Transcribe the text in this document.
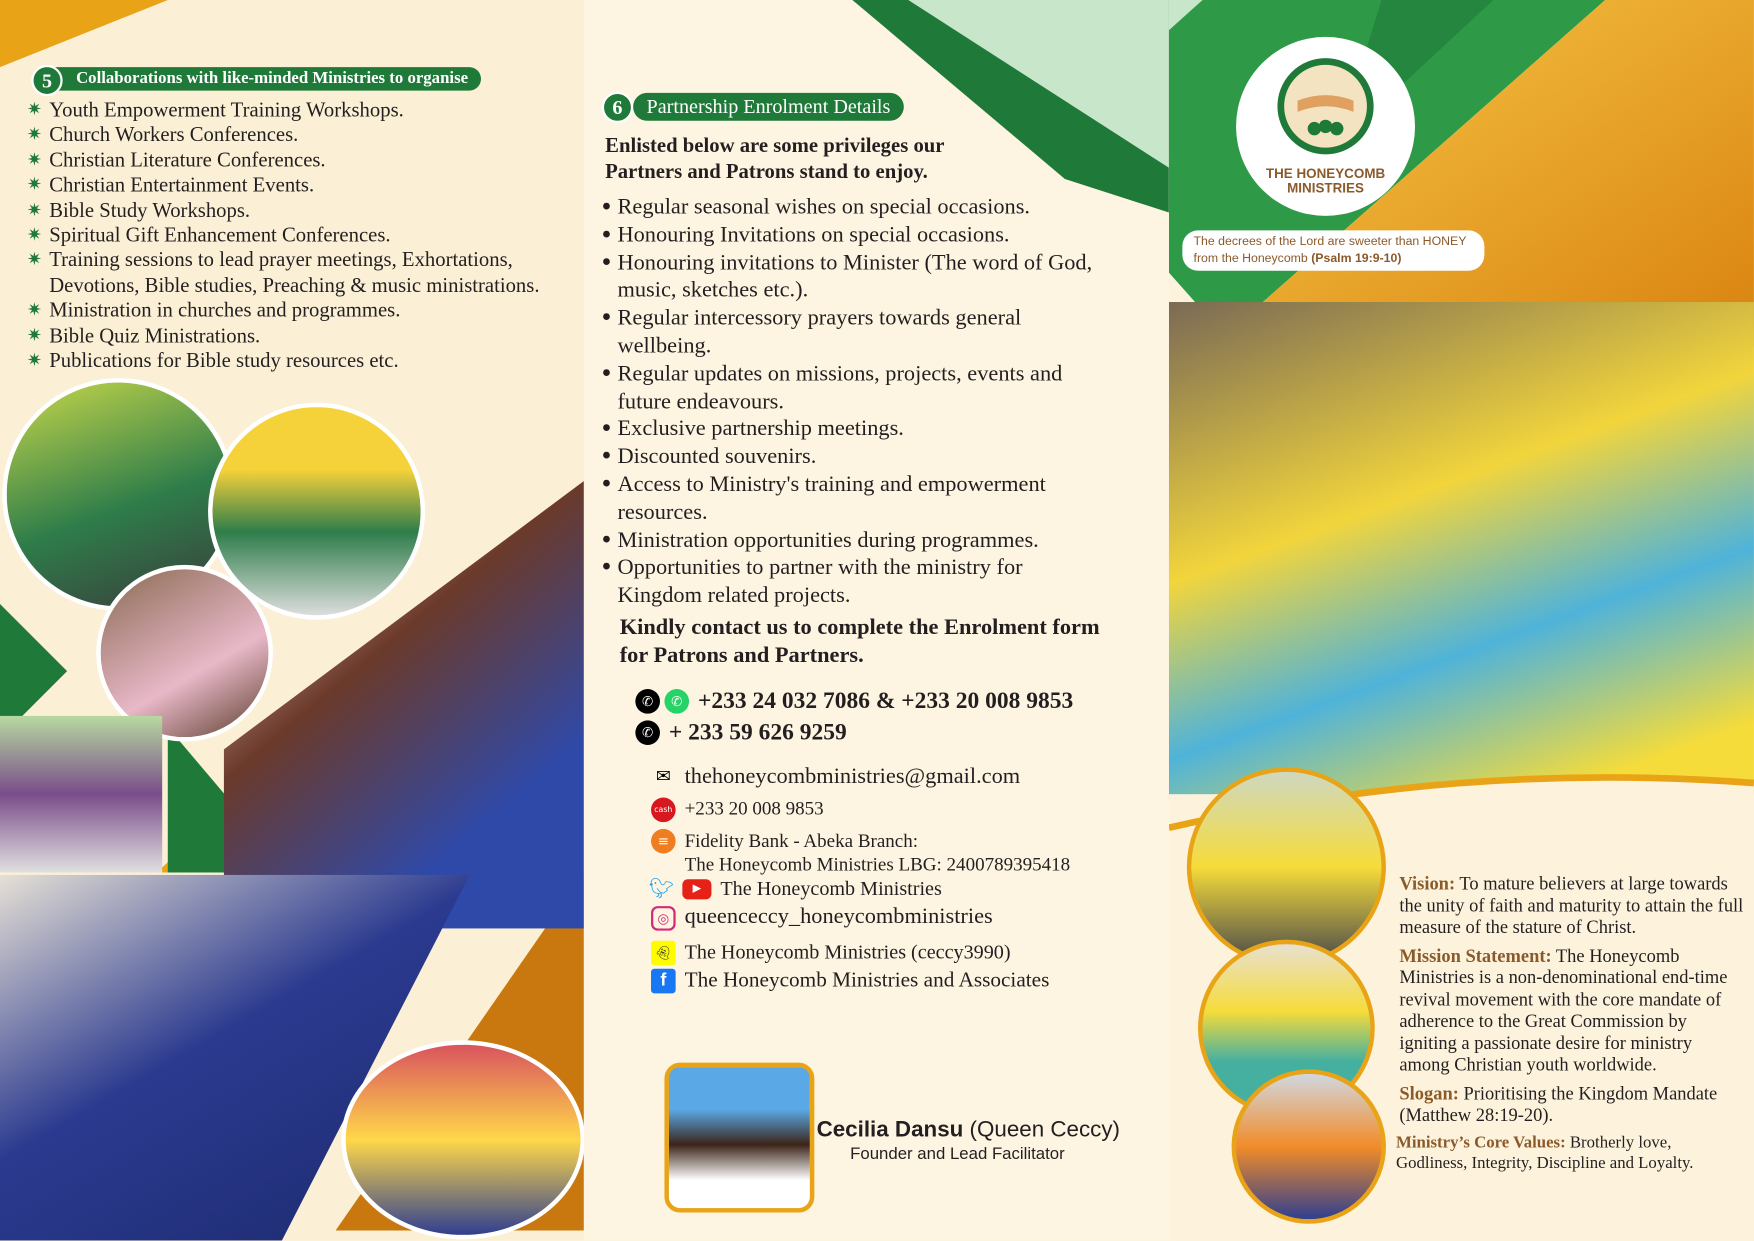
5	Collaborations with like-minded Ministries to organise
✷ Youth Empowerment Training Workshops.
✷ Church Workers Conferences.
✷ Christian Literature Conferences.
✷ Christian Entertainment Events.
✷ Bible Study Workshops.
✷ Spiritual Gift Enhancement Conferences.
✷ Training sessions to lead prayer meetings, Exhortations, Devotions, Bible studies, Preaching & music ministrations.
✷ Ministration in churches and programmes.
✷ Bible Quiz Ministrations.
✷ Publications for Bible study resources etc.
6	Partnership Enrolment Details
Enlisted below are some privileges our Partners and Patrons stand to enjoy.
● Regular seasonal wishes on special occasions.
● Honouring Invitations on special occasions.
● Honouring invitations to Minister (The word of God, music, sketches etc.).
● Regular intercessory prayers towards general wellbeing.
● Regular updates on missions, projects, events and future endeavours.
● Exclusive partnership meetings.
● Discounted souvenirs.
● Access to Ministry's training and empowerment resources.
● Ministration opportunities during programmes.
● Opportunities to partner with the ministry for Kingdom related projects.
Kindly contact us to complete the Enrolment form for Patrons and Partners.
✆	✆ +233 24 032 7086 & +233 20 008 9853
✆ + 233 59 626 9259
✉ thehoneycombministries@gmail.com
cash +233 20 008 9853
≡ Fidelity Bank - Abeka Branch:
The Honeycomb Ministries LBG: 2400789395418
🐦︎	▶	The Honeycomb Ministries
◎ queenceccy_honeycombministries
👻︎ The Honeycomb Ministries (ceccy3990)
f The Honeycomb Ministries and Associates
Cecilia Dansu (Queen Ceccy)
Founder and Lead Facilitator
THE HONEYCOMB
MINISTRIES
The decrees of the Lord are sweeter than HONEY from the Honeycomb (Psalm 19:9-10)
Vision: To mature believers at large towards the unity of faith and maturity to attain the full measure of the stature of Christ.
Mission Statement: The Honeycomb Ministries is a non-denominational end-time revival movement with the core mandate of adherence to the Great Commission by igniting a passionate desire for ministry among Christian youth worldwide.
Slogan: Prioritising the Kingdom Mandate (Matthew 28:19-20).
Ministry’s Core Values: Brotherly love, Godliness, Integrity, Discipline and Loyalty.
